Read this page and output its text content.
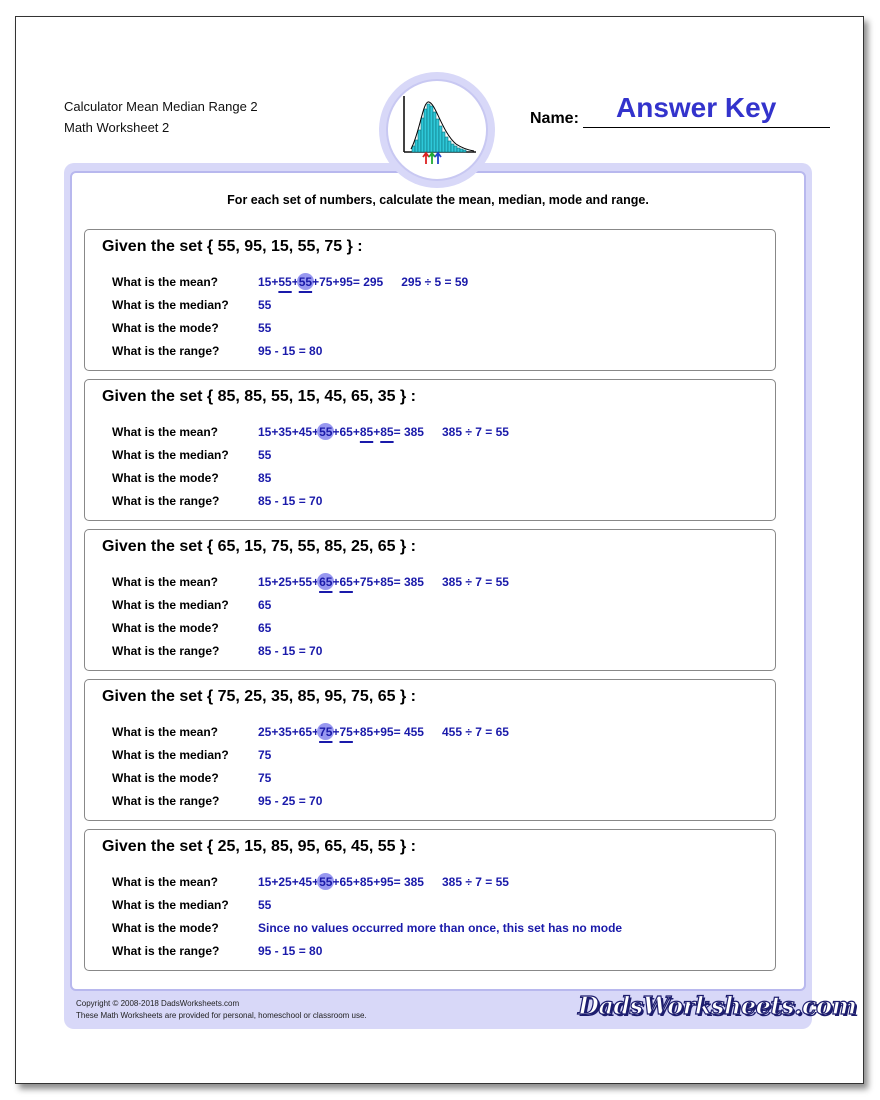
Calculator Mean Median Range 2
Math Worksheet 2
Name: Answer Key
For each set of numbers, calculate the mean, median, mode and range.
Given the set { 55, 95, 15, 55, 75 } :
What is the mean?	15+55+55+75+95= 295 295 ÷ 5 = 59
What is the median? 55
What is the mode?	55
What is the range?	95 - 15 = 80
Given the set { 85, 85, 55, 15, 45, 65, 35 } :
What is the mean?	15+35+45+55+65+85+85= 385 385 ÷ 7 = 55
What is the median? 55
What is the mode?	85
What is the range?	85 - 15 = 70
Given the set { 65, 15, 75, 55, 85, 25, 65 } :
What is the mean?	15+25+55+65+65+75+85= 385 385 ÷ 7 = 55
What is the median? 65
What is the mode?	65
What is the range?	85 - 15 = 70
Given the set { 75, 25, 35, 85, 95, 75, 65 } :
What is the mean?	25+35+65+75+75+85+95= 455 455 ÷ 7 = 65
What is the median? 75
What is the mode?	75
What is the range?	95 - 25 = 70
Given the set { 25, 15, 85, 95, 65, 45, 55 } :
What is the mean?	15+25+45+55+65+85+95= 385 385 ÷ 7 = 55
What is the median? 55
What is the mode?	Since no values occurred more than once, this set has no mode
What is the range?	95 - 15 = 80
Copyright © 2008-2018 DadsWorksheets.com
These Math Worksheets are provided for personal, homeschool or classroom use.	DadsWorksheets.com
